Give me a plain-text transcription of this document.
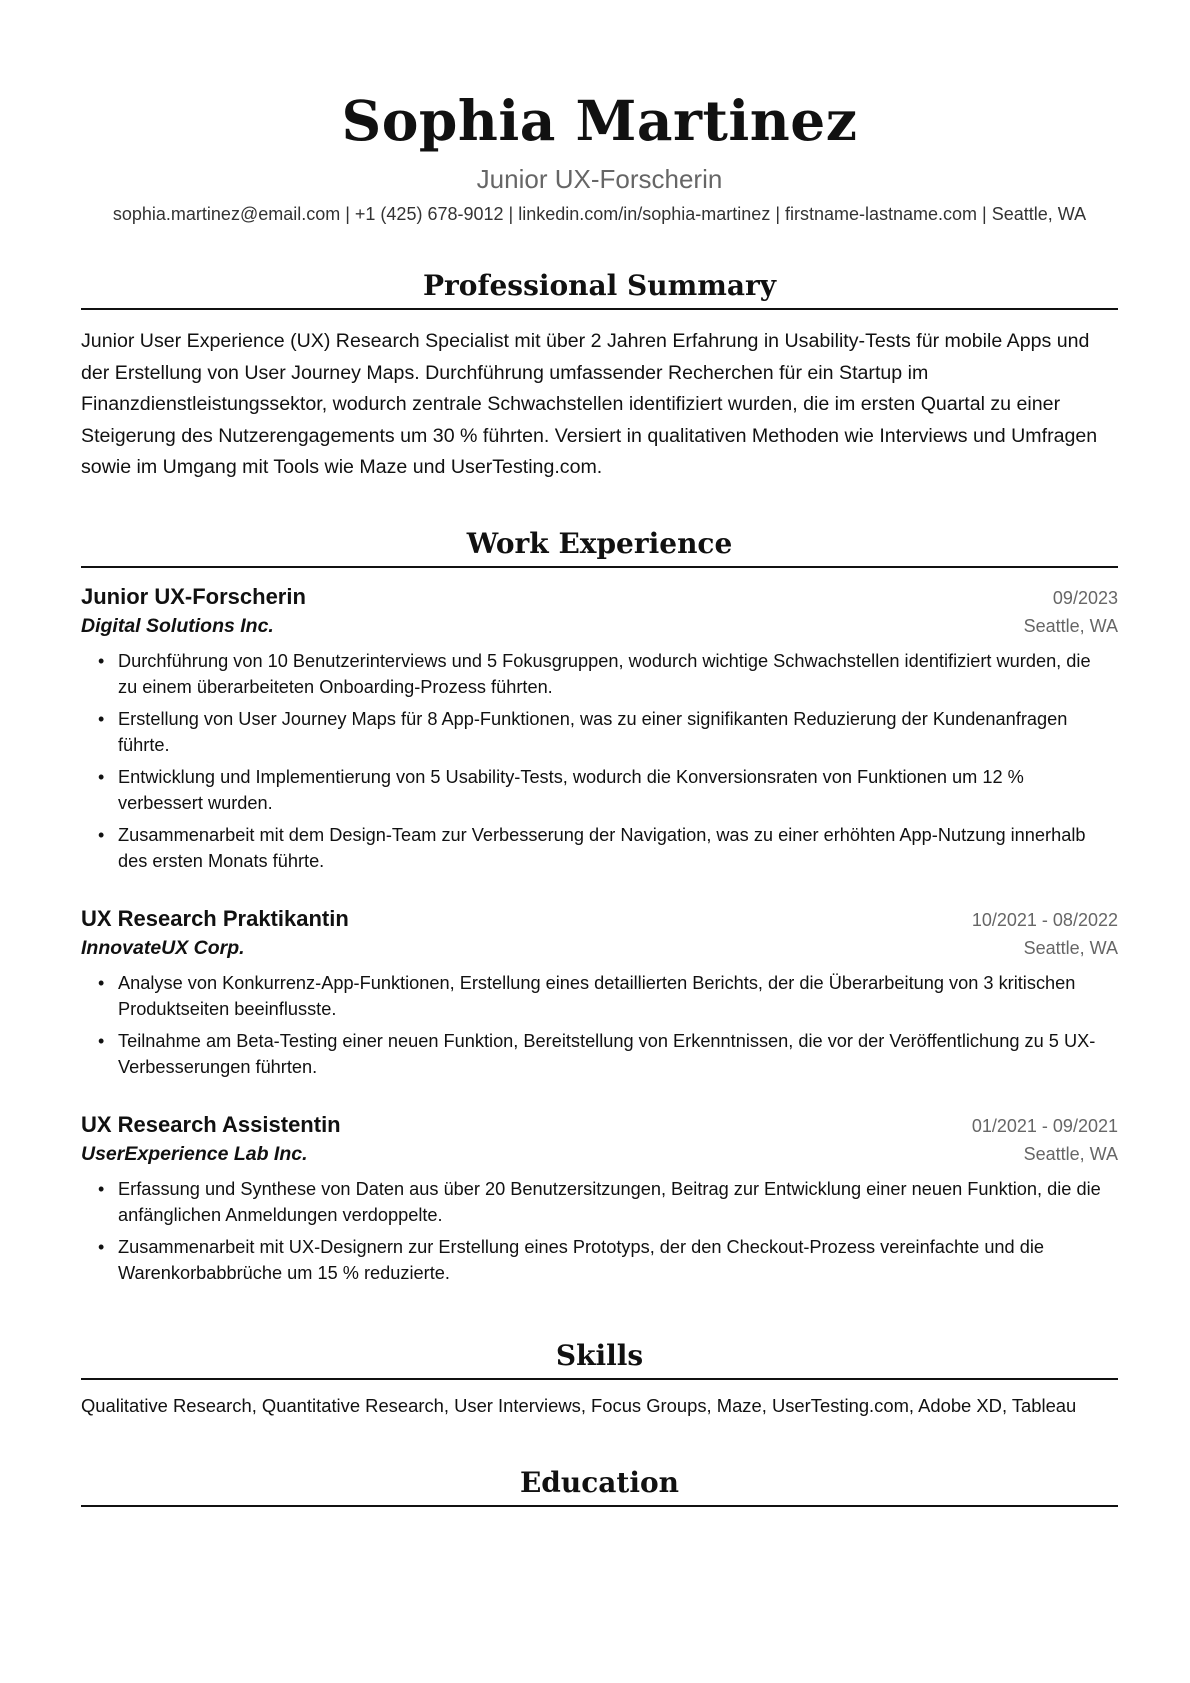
Sophia Martinez
Junior UX-Forscherin
sophia.martinez@email.com | +1 (425) 678-9012 | linkedin.com/in/sophia-martinez | firstname-lastname.com | Seattle, WA
Professional Summary
Junior User Experience (UX) Research Specialist mit über 2 Jahren Erfahrung in Usability-Tests für mobile Apps und der Erstellung von User Journey Maps. Durchführung umfassender Recherchen für ein Startup im Finanzdienstleistungssektor, wodurch zentrale Schwachstellen identifiziert wurden, die im ersten Quartal zu einer Steigerung des Nutzerengagements um 30 % führten. Versiert in qualitativen Methoden wie Interviews und Umfragen sowie im Umgang mit Tools wie Maze und UserTesting.com.
Work Experience
Junior UX-Forscherin	09/2023
Digital Solutions Inc.	Seattle, WA
• Durchführung von 10 Benutzerinterviews und 5 Fokusgruppen, wodurch wichtige Schwachstellen identifiziert wurden, die zu einem überarbeiteten Onboarding-Prozess führten.
• Erstellung von User Journey Maps für 8 App-Funktionen, was zu einer signifikanten Reduzierung der Kundenanfragen führte.
• Entwicklung und Implementierung von 5 Usability-Tests, wodurch die Konversionsraten von Funktionen um 12 % verbessert wurden.
• Zusammenarbeit mit dem Design-Team zur Verbesserung der Navigation, was zu einer erhöhten App-Nutzung innerhalb des ersten Monats führte.
UX Research Praktikantin	10/2021 - 08/2022
InnovateUX Corp.	Seattle, WA
• Analyse von Konkurrenz-App-Funktionen, Erstellung eines detaillierten Berichts, der die Überarbeitung von 3 kritischen Produktseiten beeinflusste.
• Teilnahme am Beta-Testing einer neuen Funktion, Bereitstellung von Erkenntnissen, die vor der Veröffentlichung zu 5 UX-Verbesserungen führten.
UX Research Assistentin	01/2021 - 09/2021
UserExperience Lab Inc.	Seattle, WA
• Erfassung und Synthese von Daten aus über 20 Benutzersitzungen, Beitrag zur Entwicklung einer neuen Funktion, die die anfänglichen Anmeldungen verdoppelte.
• Zusammenarbeit mit UX-Designern zur Erstellung eines Prototyps, der den Checkout-Prozess vereinfachte und die Warenkorbabbrüche um 15 % reduzierte.
Skills
Qualitative Research, Quantitative Research, User Interviews, Focus Groups, Maze, UserTesting.com, Adobe XD, Tableau
Education
